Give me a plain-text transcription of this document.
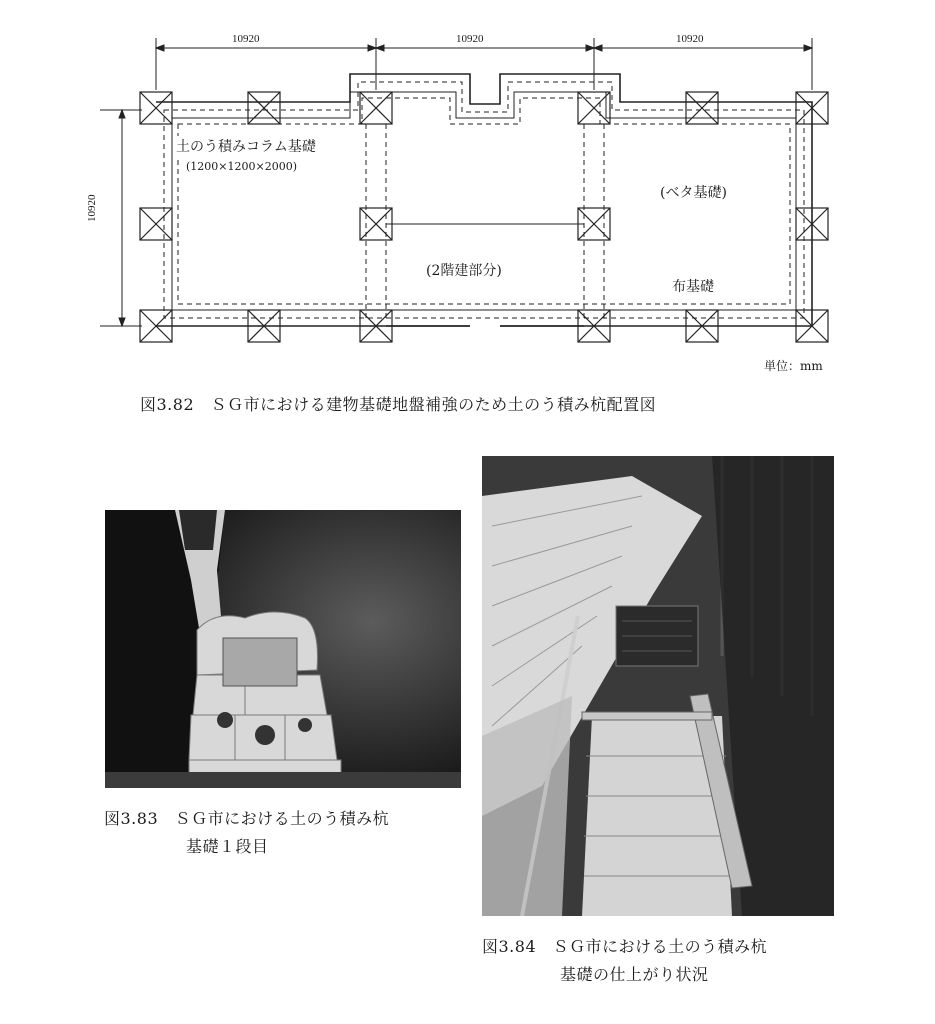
10920	10920	10920
10920
土のう積みコラム基礎
(1200×1200×2000)
(ベタ基礎)
(2階建部分)
布基礎
単位：mm
図3.82　ＳＧ市における建物基礎地盤補強のため土のう積み杭配置図
図3.83　ＳＧ市における土のう積み杭
基礎１段目
図3.84　ＳＧ市における土のう積み杭
基礎の仕上がり状況
